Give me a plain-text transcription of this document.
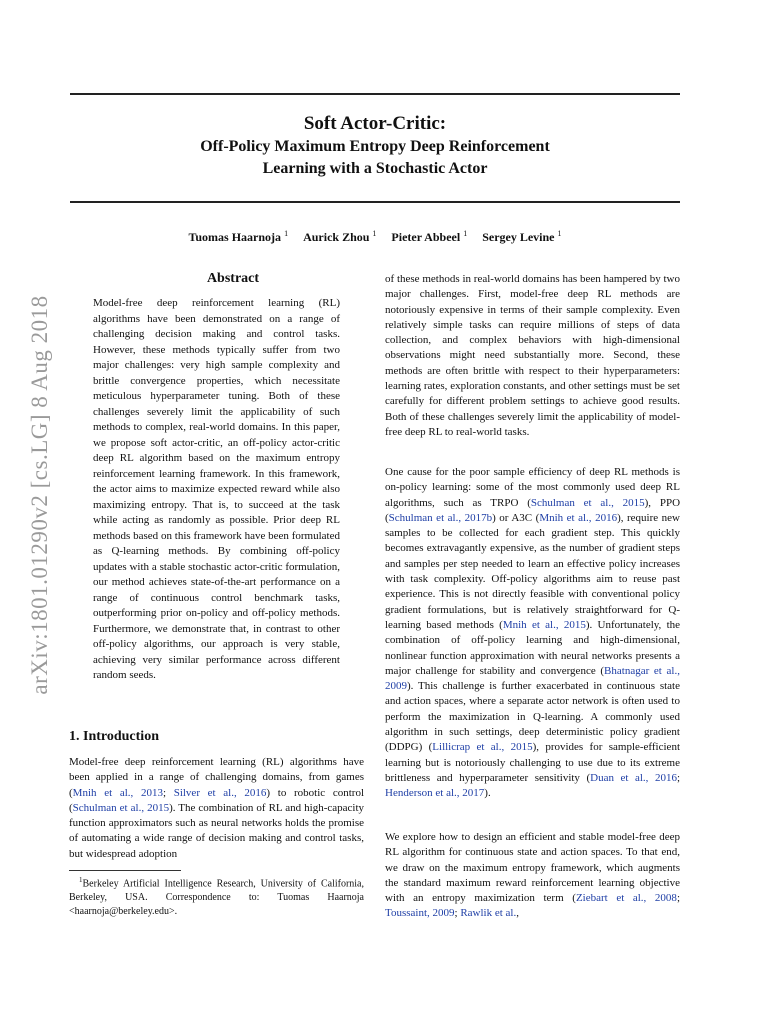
arXiv:1801.01290v2 [cs.LG] 8 Aug 2018

Soft Actor-Critic:

Off-Policy Maximum Entropy Deep Reinforcement

Learning with a Stochastic Actor

Tuomas Haarnoja $^1$ Aurick Zhou $^1$ Pieter Abbeel $^1$ Sergey Levine $^1$
Abstract

Model-free deep reinforcement learning (RL) algorithms have been demonstrated on a range of challenging decision making and control tasks. However, these methods typically suffer from two major challenges: very high sample complexity and brittle convergence properties, which necessitate meticulous hyperparameter tuning. Both of these challenges severely limit the applicability of such methods to complex, real-world domains. In this paper, we propose soft actor-critic, an off-policy actor-critic deep RL algorithm based on the maximum entropy reinforcement learning framework. In this framework, the actor aims to maximize expected reward while also maximizing entropy. That is, to succeed at the task while acting as randomly as possible. Prior deep RL methods based on this framework have been formulated as Q-learning methods. By combining off-policy updates with a stable stochastic actor-critic formulation, our method achieves state-of-the-art performance on a range of continuous control benchmark tasks, outperforming prior on-policy and off-policy methods. Furthermore, we demonstrate that, in contrast to other off-policy algorithms, our approach is very stable, achieving very similar performance across different random seeds.

1. Introduction

Model-free deep reinforcement learning (RL) algorithms have been applied in a range of challenging domains, from games (Mnih et al., 2013; Silver et al., 2016) to robotic control (Schulman et al., 2015). The combination of RL and high-capacity function approximators such as neural networks holds the promise of automating a wide range of decision making and control tasks, but widespread adoption

$^1$Berkeley Artificial Intelligence Research, University of California, Berkeley, USA. Correspondence to: Tuomas Haarnoja <haarnoja@berkeley.edu>.

of these methods in real-world domains has been hampered by two major challenges. First, model-free deep RL methods are notoriously expensive in terms of their sample complexity. Even relatively simple tasks can require millions of steps of data collection, and complex behaviors with high-dimensional observations might need substantially more. Second, these methods are often brittle with respect to their hyperparameters: learning rates, exploration constants, and other settings must be set carefully for different problem settings to achieve good results. Both of these challenges severely limit the applicability of model-free deep RL to real-world tasks.

One cause for the poor sample efficiency of deep RL methods is on-policy learning: some of the most commonly used deep RL algorithms, such as TRPO (Schulman et al., 2015), PPO (Schulman et al., 2017b) or A3C (Mnih et al., 2016), require new samples to be collected for each gradient step. This quickly becomes extravagantly expensive, as the number of gradient steps and samples per step needed to learn an effective policy increases with task complexity. Off-policy algorithms aim to reuse past experience. This is not directly feasible with conventional policy gradient formulations, but is relatively straightforward for Q-learning based methods (Mnih et al., 2015). Unfortunately, the combination of off-policy learning and high-dimensional, nonlinear function approximation with neural networks presents a major challenge for stability and convergence (Bhatnagar et al., 2009). This challenge is further exacerbated in continuous state and action spaces, where a separate actor network is often used to perform the maximization in Q-learning. A commonly used algorithm in such settings, deep deterministic policy gradient (DDPG) (Lillicrap et al., 2015), provides for sample-efficient learning but is notoriously challenging to use due to its extreme brittleness and hyperparameter sensitivity (Duan et al., 2016; Henderson et al., 2017).

We explore how to design an efficient and stable model-free deep RL algorithm for continuous state and action spaces. To that end, we draw on the maximum entropy framework, which augments the standard maximum reward reinforcement learning objective with an entropy maximization term (Ziebart et al., 2008; Toussaint, 2009; Rawlik et al.,
